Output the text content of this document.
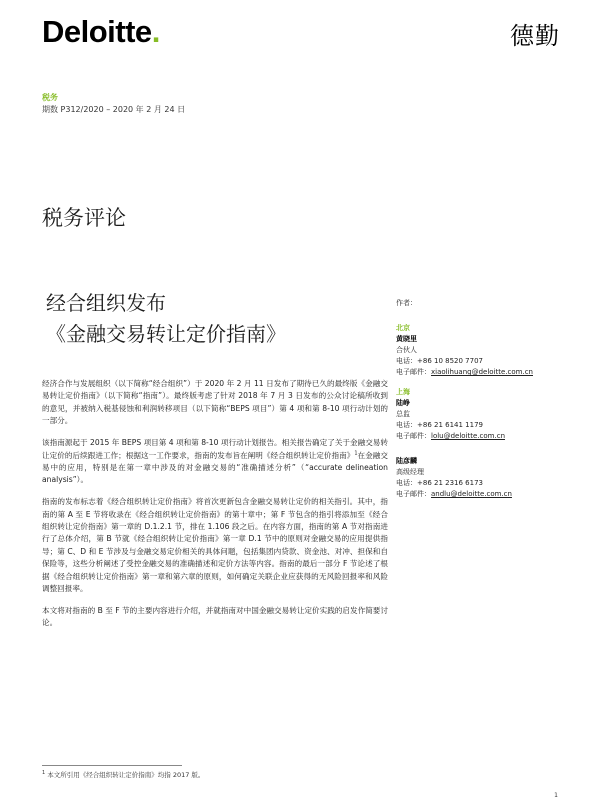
Deloitte.	德勤
税务
期数 P312/2020 – 2020 年 2 月 24 日
税务评论
经合组织发布
《金融交易转让定价指南》

经济合作与发展组织（以下简称“经合组织”）于 2020 年 2 月 11 日发布了期待已久的最终版《金融交易转让定价指南》（以下简称“指南”）。最终版考虑了针对 2018 年 7 月 3 日发布的公众讨论稿所收到的意见，并被纳入税基侵蚀和利润转移项目（以下简称“BEPS 项目”）第 4 项和第 8-10 项行动计划的一部分。

该指南源起于 2015 年 BEPS 项目第 4 项和第 8-10 项行动计划报告。相关报告确定了关于金融交易转让定价的后续跟进工作；根据这一工作要求，指南的发布旨在阐明《经合组织转让定价指南》$^1$在金融交易中的应用，特别是在第一章中涉及的对金融交易的“准确描述分析”（“accurate delineation analysis”）。

指南的发布标志着《经合组织转让定价指南》将首次更新包含金融交易转让定价的相关指引。其中，指南的第 A 至 E 节将收录在《经合组织转让定价指南》的第十章中；第 F 节包含的指引将添加至《经合组织转让定价指南》第一章的 D.1.2.1 节，排在 1.106 段之后。在内容方面，指南的第 A 节对指南进行了总体介绍，第 B 节就《经合组织转让定价指南》第一章 D.1 节中的原则对金融交易的应用提供指导；第 C、D 和 E 节涉及与金融交易定价相关的具体问题，包括集团内贷款、资金池、对冲、担保和自保险等，这些分析阐述了受控金融交易的准确描述和定价方法等内容。指南的最后一部分 F 节论述了根据《经合组织转让定价指南》第一章和第六章的原则，如何确定关联企业应获得的无风险回报率和风险调整回报率。

本文将对指南的 B 至 F 节的主要内容进行介绍，并就指南对中国金融交易转让定价实践的启发作简要讨论。

作者：
北京
黄晓里
合伙人
电话：+86 10 8520 7707
电子邮件：xiaolihuang@deloitte.com.cn
上海
陆峥
总监
电话：+86 21 6141 1179
电子邮件：lolu@deloitte.com.cn
陆彦麟
高级经理
电话：+86 21 2316 6173
电子邮件：andlu@deloitte.com.cn
$^1$ 本文所引用《经合组织转让定价指南》均指 2017 版。
1
